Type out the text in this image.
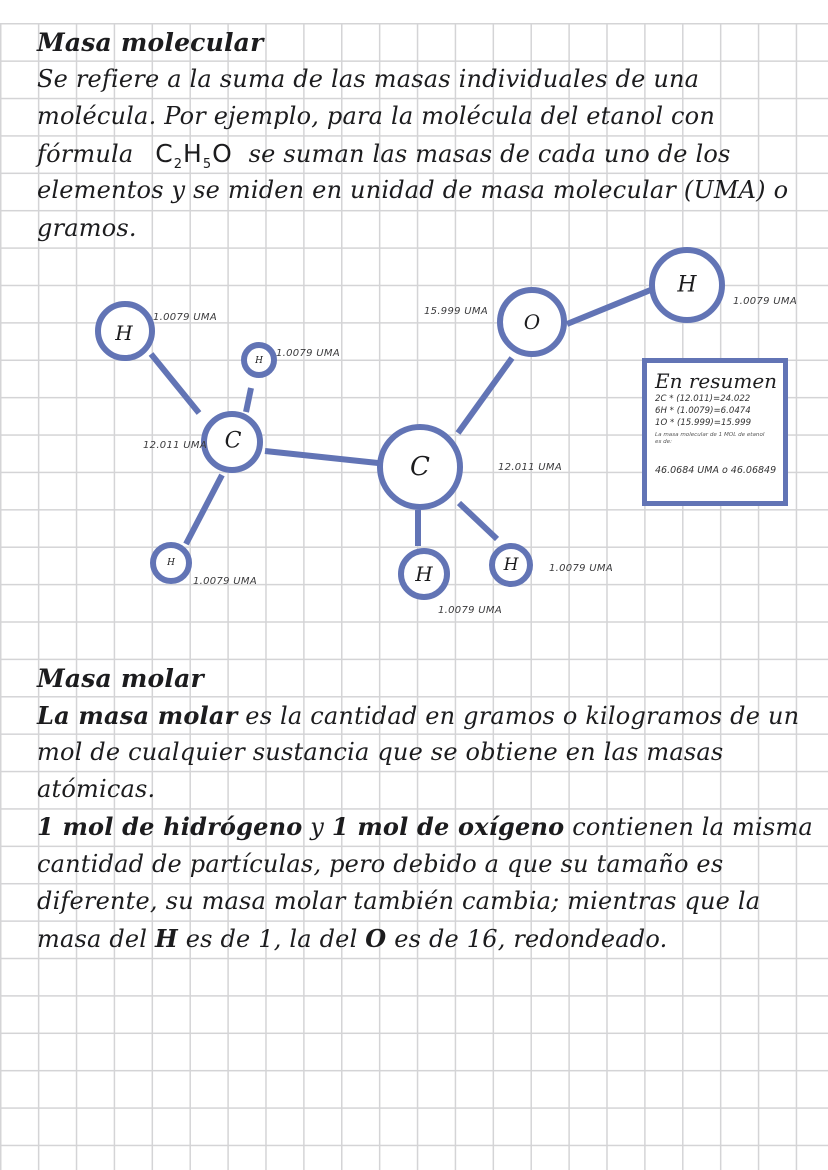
Masa molecular
Se refiere a la suma de las masas individuales de una
molécula. Por ejemplo, para la molécula del etanol con
fórmula $C_2H_5O$ se suman las masas de cada uno de los
elementos y se miden en unidad de masa molecular (UMA) o
gramos.
H
1.0079 UMA
H
1.0079 UMA
C
12.011 UMA
H
1.0079 UMA
C	12.011 UMA
H
1.0079 UMA
H	1.0079 UMA
O
15.999 UMA
H
1.0079 UMA
En resumen
2C * (12.011)=24.022
6H * (1.0079)=6.0474
1O * (15.999)=15.999
La masa molecular de 1 MOL de etanol es de:
46.0684 UMA o 46.06849
Masa molar
La masa molar es la cantidad en gramos o kilogramos de un
mol de cualquier sustancia que se obtiene en las masas
atómicas.
1 mol de hidrógeno y 1 mol de oxígeno contienen la misma
cantidad de partículas, pero debido a que su tamaño es
diferente, su masa molar también cambia; mientras que la
masa del H es de 1, la del O es de 16, redondeado.
